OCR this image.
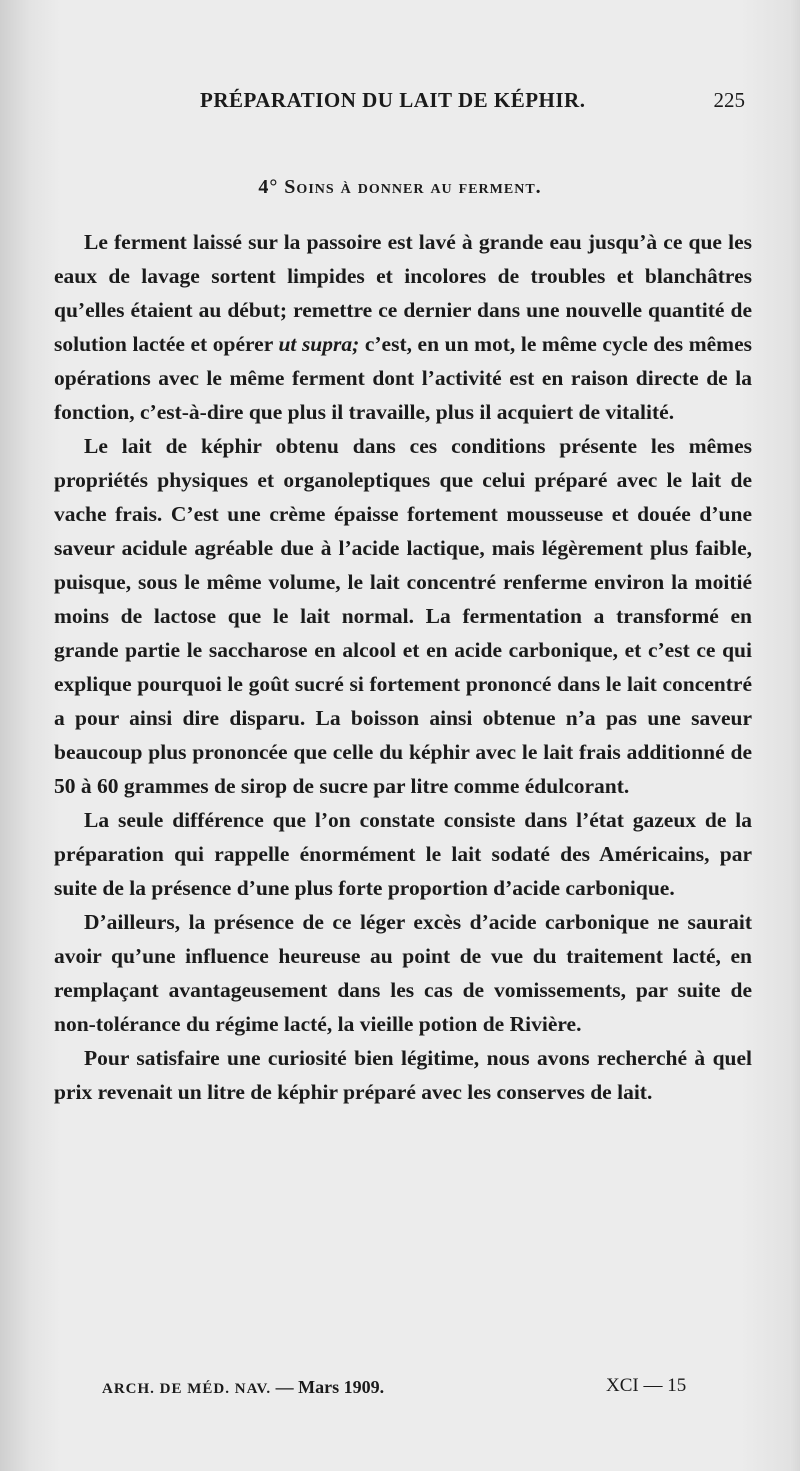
PRÉPARATION DU LAIT DE KÉPHIR.	225
4° Soins à donner au ferment.

Le ferment laissé sur la passoire est lavé à grande eau jusqu’à ce que les eaux de lavage sortent limpides et incolores de troubles et blanchâtres qu’elles étaient au début; remettre ce dernier dans une nouvelle quantité de solution lactée et opérer ut supra; c’est, en un mot, le même cycle des mêmes opérations avec le même ferment dont l’activité est en raison directe de la fonction, c’est-à-dire que plus il travaille, plus il acquiert de vitalité.

Le lait de képhir obtenu dans ces conditions présente les mêmes propriétés physiques et organoleptiques que celui préparé avec le lait de vache frais. C’est une crème épaisse fortement mousseuse et douée d’une saveur acidule agréable due à l’acide lactique, mais légèrement plus faible, puisque, sous le même volume, le lait concentré renferme environ la moitié moins de lactose que le lait normal. La fermentation a transformé en grande partie le saccharose en alcool et en acide carbonique, et c’est ce qui explique pourquoi le goût sucré si fortement prononcé dans le lait concentré a pour ainsi dire disparu. La boisson ainsi obtenue n’a pas une saveur beaucoup plus prononcée que celle du képhir avec le lait frais additionné de 50 à 60 grammes de sirop de sucre par litre comme édulcorant.

La seule différence que l’on constate consiste dans l’état gazeux de la préparation qui rappelle énormément le lait sodaté des Américains, par suite de la présence d’une plus forte proportion d’acide carbonique.

D’ailleurs, la présence de ce léger excès d’acide carbonique ne saurait avoir qu’une influence heureuse au point de vue du traitement lacté, en remplaçant avantageusement dans les cas de vomissements, par suite de non-tolérance du régime lacté, la vieille potion de Rivière.

Pour satisfaire une curiosité bien légitime, nous avons recherché à quel prix revenait un litre de képhir préparé avec les conserves de lait.

ARCH. DE MÉD. NAV. — Mars 1909.	XCI — 15
